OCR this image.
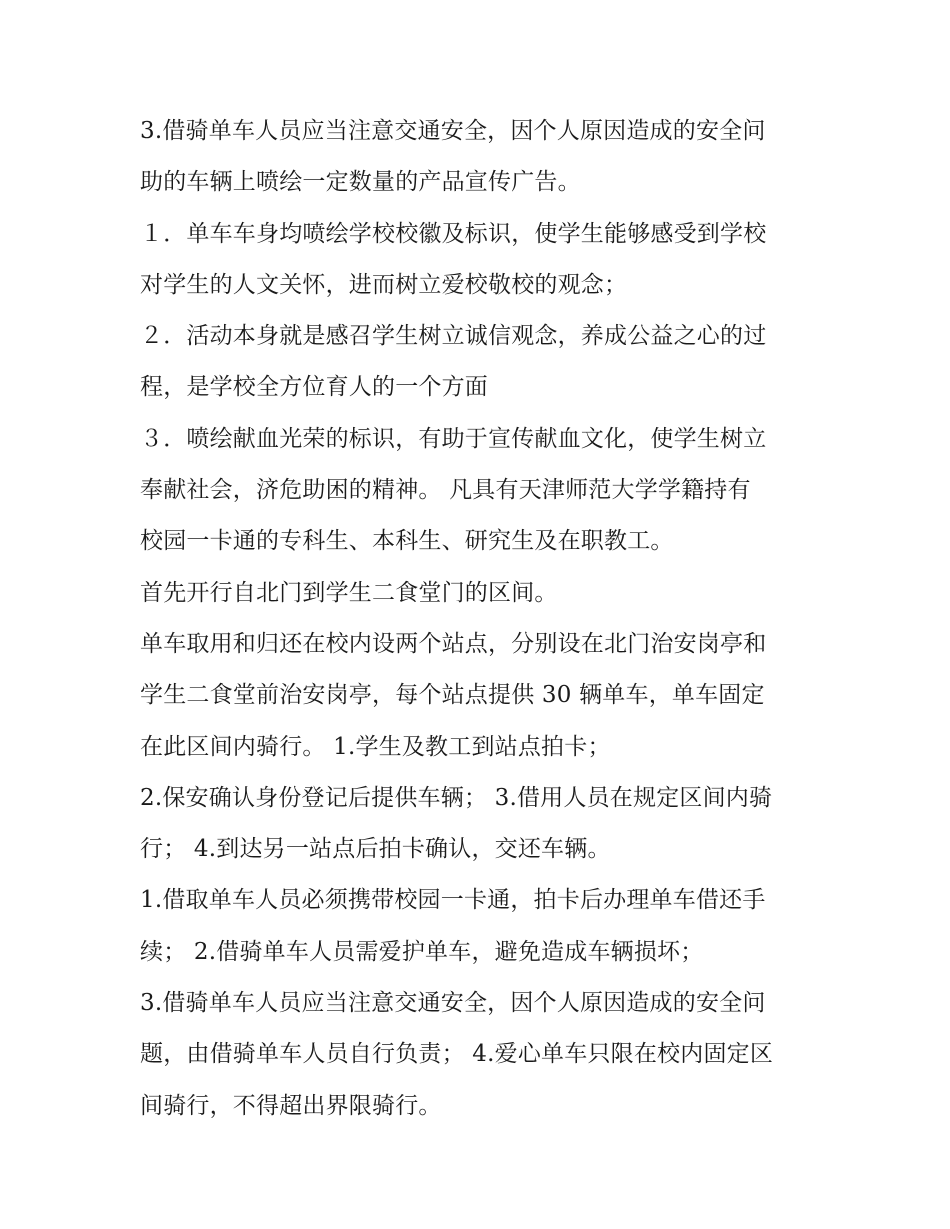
3.借骑单车人员应当注意交通安全，因个人原因造成的安全问
助的车辆上喷绘一定数量的产品宣传广告。
１．单车车身均喷绘学校校徽及标识，使学生能够感受到学校
对学生的人文关怀，进而树立爱校敬校的观念；
２．活动本身就是感召学生树立诚信观念，养成公益之心的过
程，是学校全方位育人的一个方面
３．喷绘献血光荣的标识，有助于宣传献血文化，使学生树立
奉献社会，济危助困的精神。 凡具有天津师范大学学籍持有
校园一卡通的专科生、本科生、研究生及在职教工。
首先开行自北门到学生二食堂门的区间。
单车取用和归还在校内设两个站点，分别设在北门治安岗亭和
学生二食堂前治安岗亭，每个站点提供 30 辆单车，单车固定
在此区间内骑行。 1.学生及教工到站点拍卡；
2.保安确认身份登记后提供车辆； 3.借用人员在规定区间内骑
行； 4.到达另一站点后拍卡确认，交还车辆。
1.借取单车人员必须携带校园一卡通，拍卡后办理单车借还手
续； 2.借骑单车人员需爱护单车，避免造成车辆损坏；
3.借骑单车人员应当注意交通安全，因个人原因造成的安全问
题，由借骑单车人员自行负责； 4.爱心单车只限在校内固定区
间骑行，不得超出界限骑行。
